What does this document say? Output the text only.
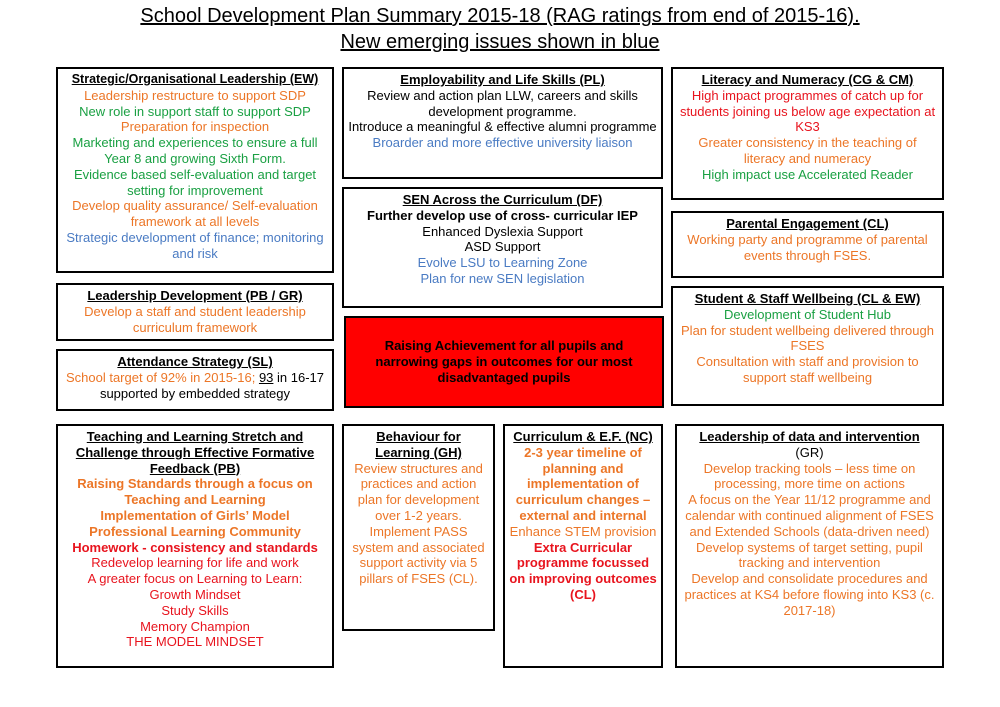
School Development Plan Summary 2015-18 (RAG ratings from end of 2015-16).
New emerging issues shown in blue
Strategic/Organisational Leadership (EW)
Leadership restructure to support SDP
New role in support staff to support SDP
Preparation for inspection
Marketing and experiences to ensure a full Year 8 and growing Sixth Form.
Evidence based self-evaluation and target setting for improvement
Develop quality assurance/ Self-evaluation framework at all levels
Strategic development of finance; monitoring and risk
Employability and Life Skills (PL)
Review and action plan LLW, careers and skills development programme.
Introduce a meaningful & effective alumni programme
Broarder and more effective university liaison
Literacy and Numeracy (CG & CM)
High impact programmes of catch up for students joining us below age expectation at KS3
Greater consistency in the teaching of literacy and numeracy
High impact use Accelerated Reader
SEN Across the Curriculum (DF)
Further develop use of cross- curricular IEP
Enhanced Dyslexia Support
ASD Support
Evolve LSU to Learning Zone
Plan for new SEN legislation
Parental Engagement (CL)
Working party and programme of parental events through FSES.
Leadership Development (PB / GR)
Develop a staff and student leadership curriculum framework
Student & Staff Wellbeing (CL & EW)
Development of Student Hub
Plan for student wellbeing delivered through FSES
Consultation with staff and provision to support staff wellbeing
Raising Achievement for all pupils and narrowing gaps in outcomes for our most disadvantaged pupils
Attendance Strategy (SL)
School target of 92% in 2015-16; 93 in 16-17 supported by embedded strategy
Teaching and Learning Stretch and Challenge through Effective Formative Feedback (PB)
Raising Standards through a focus on Teaching and Learning
Implementation of Girls’ Model
Professional Learning Community
Homework - consistency and standards
Redevelop learning for life and work
A greater focus on Learning to Learn:
Growth Mindset
Study Skills
Memory Champion
THE MODEL MINDSET
Behaviour for Learning (GH)
Review structures and practices and action plan for development over 1-2 years.
Implement PASS system and associated support activity via 5 pillars of FSES (CL).
Curriculum & E.F. (NC)
2-3 year timeline of planning and implementation of curriculum changes – external and internal
Enhance STEM provision
Extra Curricular programme focussed on improving outcomes (CL)
Leadership of data and intervention
(GR)
Develop tracking tools – less time on processing, more time on actions
A focus on the Year 11/12 programme and calendar with continued alignment of FSES and Extended Schools (data-driven need)
Develop systems of target setting, pupil tracking and intervention
Develop and consolidate procedures and practices at KS4 before flowing into KS3 (c. 2017-18)
